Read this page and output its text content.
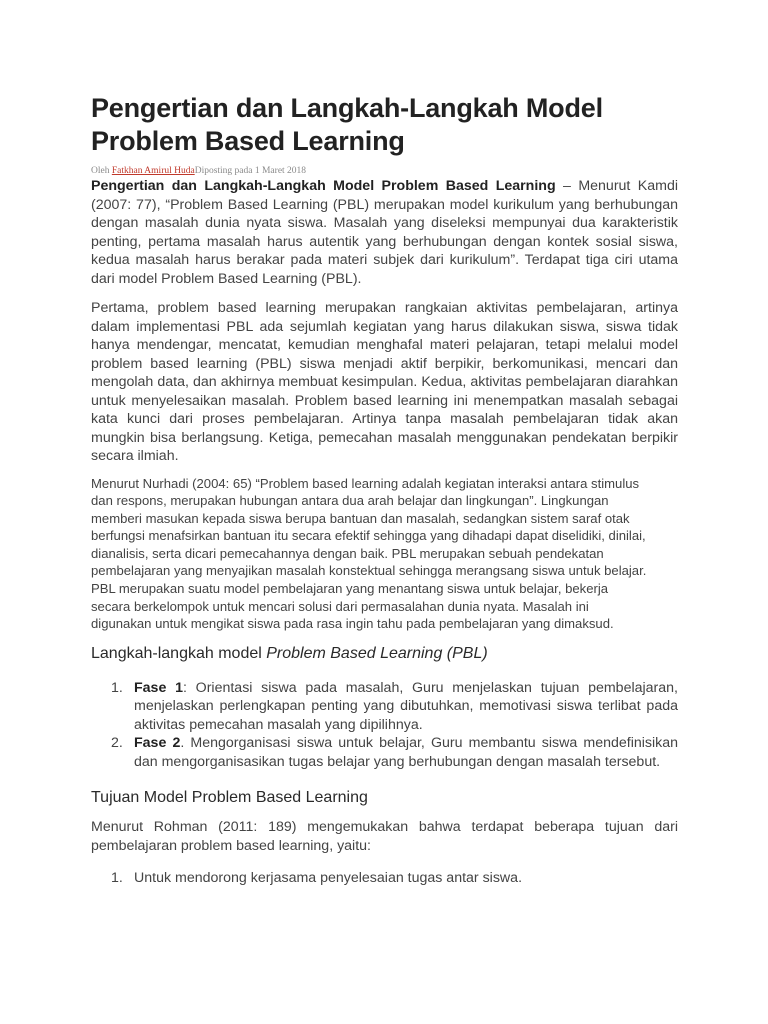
Pengertian dan Langkah-Langkah Model Problem Based Learning
Oleh Fatkhan Amirul HudaDiposting pada 1 Maret 2018

Pengertian dan Langkah-Langkah Model Problem Based Learning – Menurut Kamdi (2007: 77), “Problem Based Learning (PBL) merupakan model kurikulum yang berhubungan dengan masalah dunia nyata siswa. Masalah yang diseleksi mempunyai dua karakteristik penting, pertama masalah harus autentik yang berhubungan dengan kontek sosial siswa, kedua masalah harus berakar pada materi subjek dari kurikulum”. Terdapat tiga ciri utama dari model Problem Based Learning (PBL).

Pertama, problem based learning merupakan rangkaian aktivitas pembelajaran, artinya dalam implementasi PBL ada sejumlah kegiatan yang harus dilakukan siswa, siswa tidak hanya mendengar, mencatat, kemudian menghafal materi pelajaran, tetapi melalui model problem based learning (PBL) siswa menjadi aktif berpikir, berkomunikasi, mencari dan mengolah data, dan akhirnya membuat kesimpulan. Kedua, aktivitas pembelajaran diarahkan untuk menyelesaikan masalah. Problem based learning ini menempatkan masalah sebagai kata kunci dari proses pembelajaran. Artinya tanpa masalah pembelajaran tidak akan mungkin bisa berlangsung. Ketiga, pemecahan masalah menggunakan pendekatan berpikir secara ilmiah.

Menurut Nurhadi (2004: 65) “Problem based learning adalah kegiatan interaksi antara stimulus
dan respons, merupakan hubungan antara dua arah belajar dan lingkungan”. Lingkungan
memberi masukan kepada siswa berupa bantuan dan masalah, sedangkan sistem saraf otak
berfungsi menafsirkan bantuan itu secara efektif sehingga yang dihadapi dapat diselidiki, dinilai,
dianalisis, serta dicari pemecahannya dengan baik. PBL merupakan sebuah pendekatan
pembelajaran yang menyajikan masalah konstektual sehingga merangsang siswa untuk belajar.
PBL merupakan suatu model pembelajaran yang menantang siswa untuk belajar, bekerja
secara berkelompok untuk mencari solusi dari permasalahan dunia nyata. Masalah ini
digunakan untuk mengikat siswa pada rasa ingin tahu pada pembelajaran yang dimaksud.
Langkah-langkah model Problem Based Learning (PBL)
1. Fase 1: Orientasi siswa pada masalah, Guru menjelaskan tujuan pembelajaran, menjelaskan perlengkapan penting yang dibutuhkan, memotivasi siswa terlibat pada aktivitas pemecahan masalah yang dipilihnya.
2. Fase 2. Mengorganisasi siswa untuk belajar, Guru membantu siswa mendefinisikan dan mengorganisasikan tugas belajar yang berhubungan dengan masalah tersebut.
Tujuan Model Problem Based Learning

Menurut Rohman (2011: 189) mengemukakan bahwa terdapat beberapa tujuan dari pembelajaran problem based learning, yaitu:

1. Untuk mendorong kerjasama penyelesaian tugas antar siswa.
